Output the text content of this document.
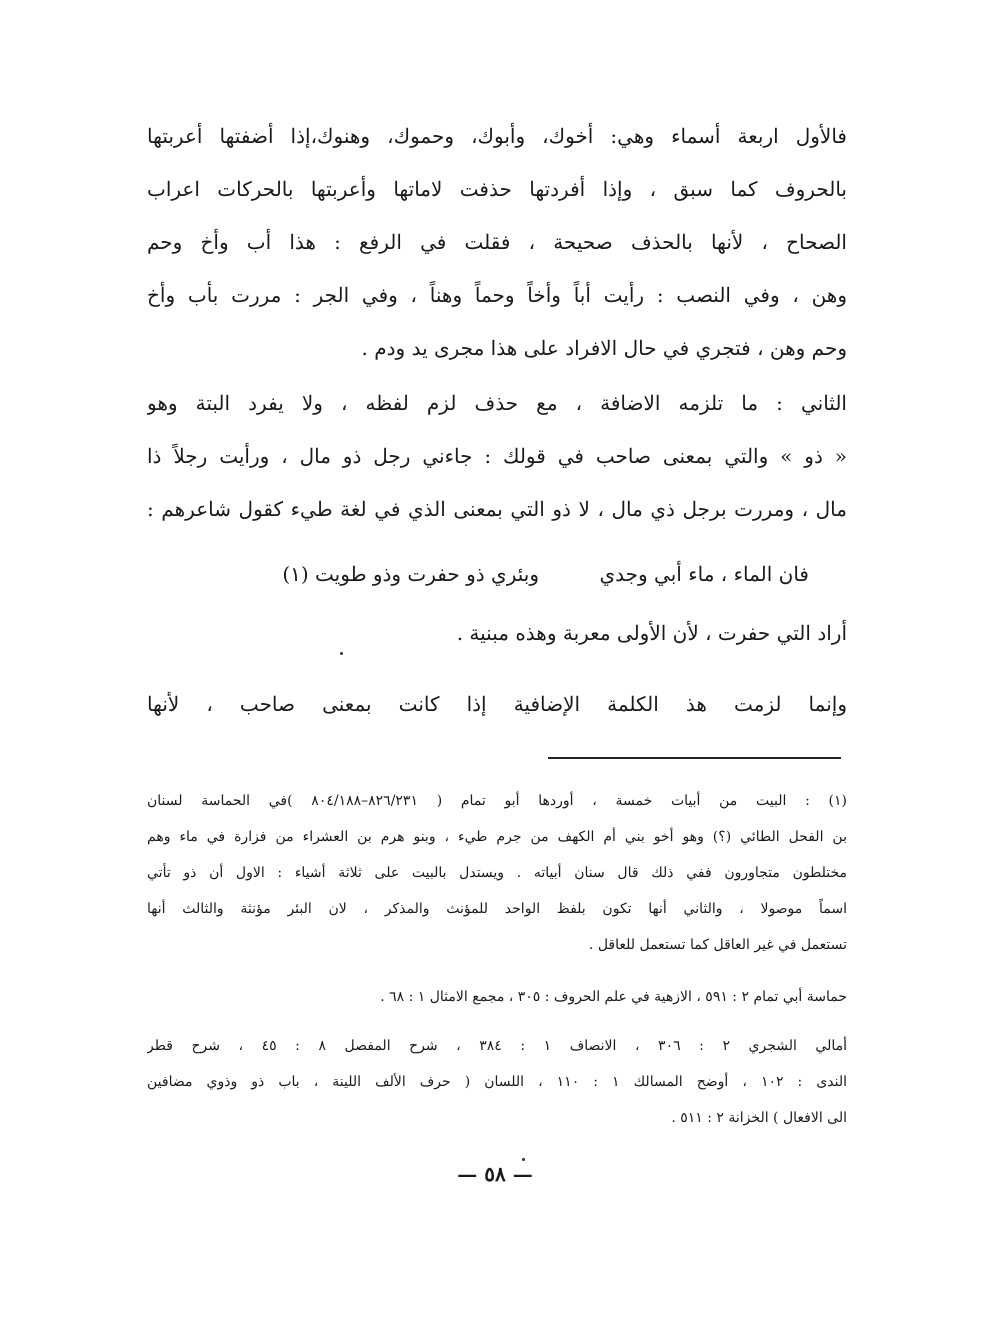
فالأول اربعة أسماء وهي: أخوك، وأبوك، وحموك، وهنوك،إذا أضفتها أعربتها
بالحروف كما سبق ، وإذا أفردتها حذفت لاماتها وأعربتها بالحركات اعراب
الصحاح ، لأنها بالحذف صحيحة ، فقلت في الرفع : هذا أب وأخ وحم
وهن ، وفي النصب : رأيت أباً وأخاً وحماً وهناً ، وفي الجر : مررت بأب وأخ
وحم وهن ، فتجري في حال الافراد على هذا مجرى يد ودم .
الثاني : ما تلزمه الاضافة ، مع حذف لزم لفظه ، ولا يفرد البتة وهو
« ذو » والتي بمعنى صاحب في قولك : جاءني رجل ذو مال ، ورأيت رجلاً ذا
مال ، ومررت برجل ذي مال ، لا ذو التي بمعنى الذي في لغة طيء كقول شاعرهم :
فان الماء ، ماء أبي وجدي
وبئري ذو حفرت وذو طويت (١)
أراد التي حفرت ، لأن الأولى معربة وهذه مبنية .
وإنما لزمت هذ الكلمة الإضافية إذا كانت بمعنى صاحب ، لأنها
(١) : البيت من أبيات خمسة ، أوردها أبو تمام ( ٨٢٦/٢٣١–٨٠٤/١٨٨ )في الحماسة لسنان
بن الفحل الطائي (؟) وهو أخو بني أم الكهف من جرم طيء ، وبنو هرم بن العشراء من فزارة في ماء وهم
مختلطون متجاورون ففي ذلك قال سنان أبياته . ويستدل بالبيت على ثلاثة أشياء : الاول أن ذو تأتي
اسماً موصولا ، والثاني أنها تكون بلفظ الواحد للمؤنث والمذكر ، لان البئر مؤنثة والثالث أنها
تستعمل في غير العاقل كما تستعمل للعاقل .
حماسة أبي تمام ٢ : ٥٩١ ، الازهية في علم الحروف : ٣٠٥ ، مجمع الامثال ١ : ٦٨ .
أمالي الشجري ٢ : ٣٠٦ ، الانصاف ١ : ٣٨٤ ، شرح المفصل ٨ : ٤٥ ، شرح قطر
الندى : ١٠٢ ، أوضح المسالك ١ : ١١٠ ، اللسان ( حرف الألف اللينة ، باب ذو وذوي مضافين
الى الافعال ) الخزانة ٢ : ٥١١ .
— ٥٨ —
